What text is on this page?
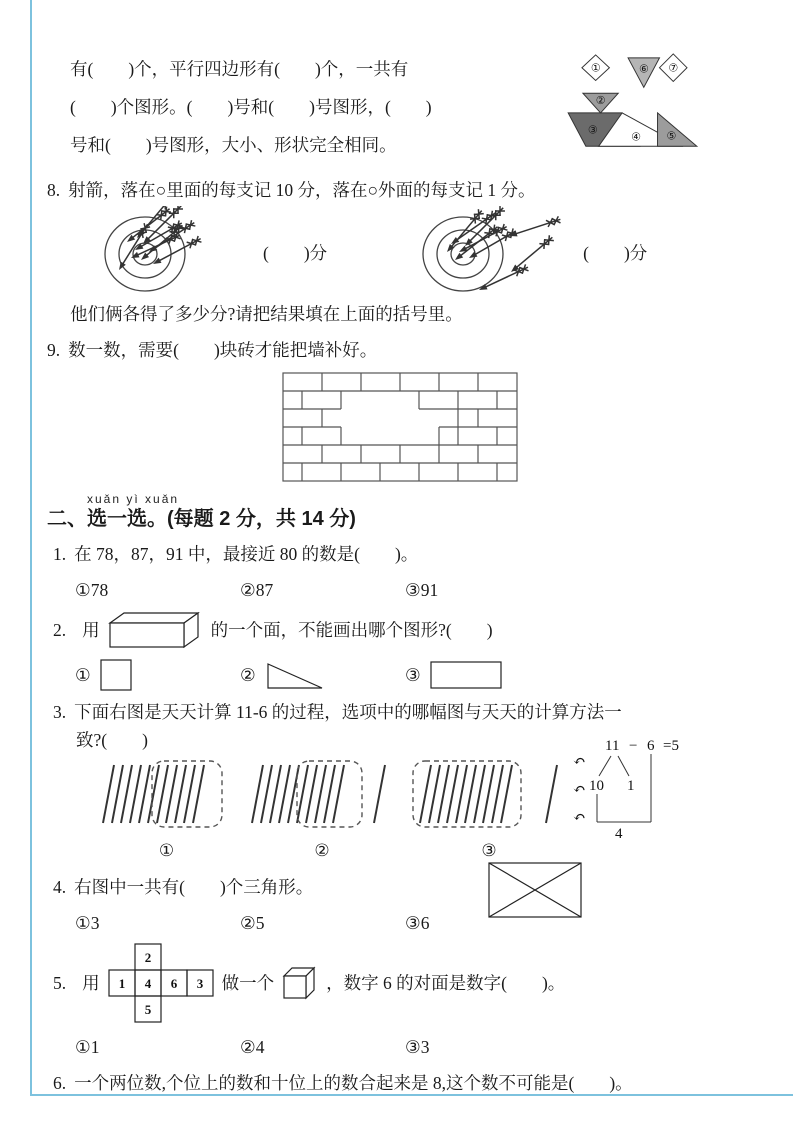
有(　　)个，平行四边形有(　　)个，一共有

(　　)个图形。(　　)号和(　　)号图形，(　　)

号和(　　)号图形，大小、形状完全相同。

①
②
③
④ ⑤
⑥ ⑦
8. 射箭，落在○里面的每支记 10 分，落在○外面的每支记 1 分。
(　　)分	(　　)分
他们俩各得了多少分?请把结果填在上面的括号里。
9. 数一数，需要(　　)块砖才能把墙补好。
xuǎn yì xuǎn
二、选一选。(每题 2 分，共 14 分)
1. 在 78，87，91 中，最接近 80 的数是(　　)。
①78	②87	③91
2. 用	的一个面，不能画出哪个图形?(　　)
①	②	③
3. 下面右图是天天计算 11-6 的过程，选项中的哪幅图与天天的计算方法一
致?(　　)
①	②	③
↶
↶
↶
11 − 6 =5
10 1
4
4. 右图中一共有(　　)个三角形。
①3	②5	③6
5. 用
2
1 4 6 3
5
做一个	，数字 6 的对面是数字(　　)。
①1	②4	③3
6. 一个两位数,个位上的数和十位上的数合起来是 8,这个数不可能是(　　)。
